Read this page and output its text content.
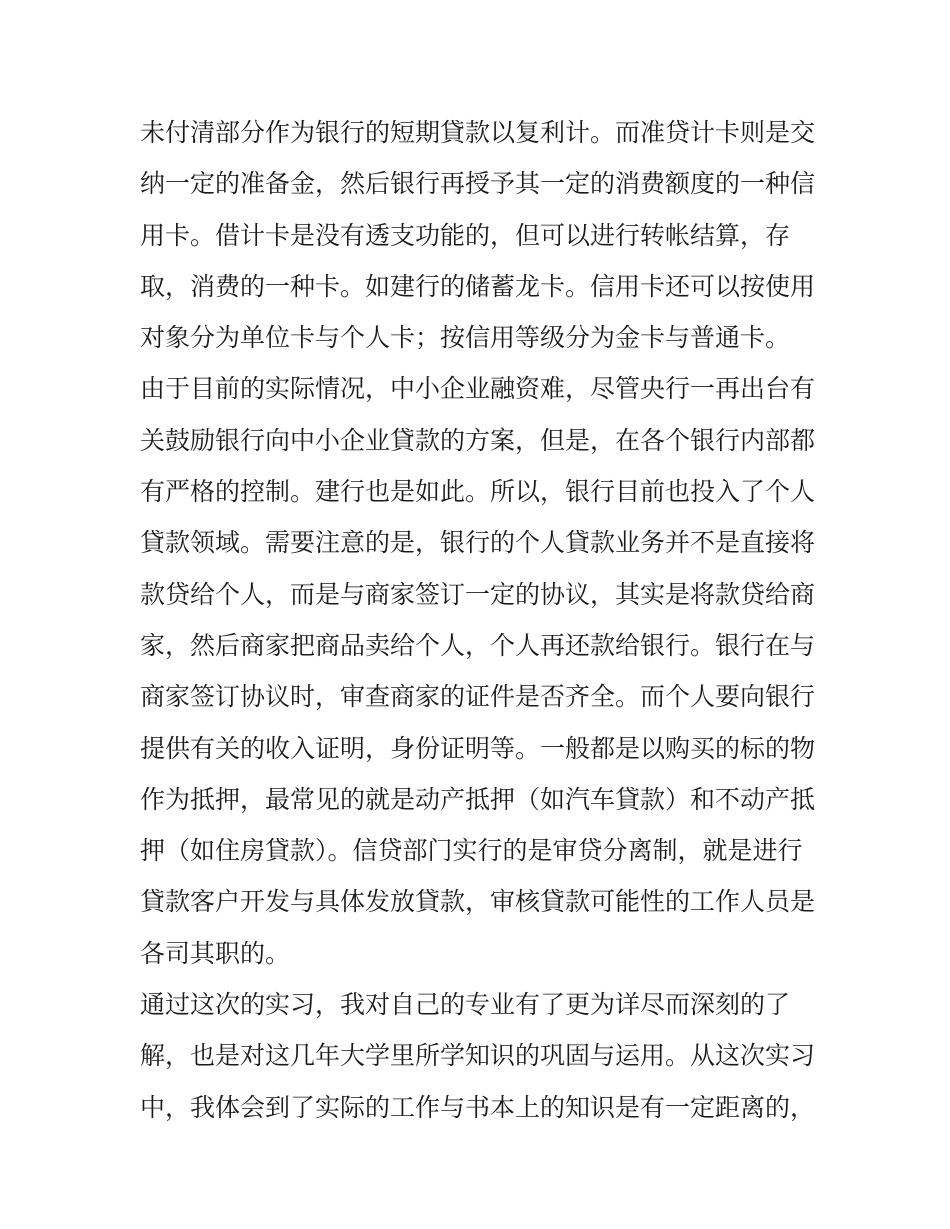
未付清部分作为银行的短期貸款以复利计。而准贷计卡则是交
纳一定的准备金，然后银行再授予其一定的消费额度的一种信
用卡。借计卡是没有透支功能的，但可以进行转帐结算，存
取，消费的一种卡。如建行的储蓄龙卡。信用卡还可以按使用
对象分为单位卡与个人卡；按信用等级分为金卡与普通卡。
由于目前的实际情况，中小企业融资难，尽管央行一再出台有
关鼓励银行向中小企业貸款的方案，但是，在各个银行内部都
有严格的控制。建行也是如此。所以，银行目前也投入了个人
貸款领域。需要注意的是，银行的个人貸款业务并不是直接将
款贷给个人，而是与商家签订一定的协议，其实是将款贷给商
家，然后商家把商品卖给个人，个人再还款给银行。银行在与
商家签订协议时，审查商家的证件是否齐全。而个人要向银行
提供有关的收入证明，身份证明等。一般都是以购买的标的物
作为抵押，最常见的就是动产抵押（如汽车貸款）和不动产抵
押（如住房貸款）。信贷部门实行的是审贷分离制，就是进行
貸款客户开发与具体发放貸款，审核貸款可能性的工作人员是
各司其职的。
通过这次的实习，我对自己的专业有了更为详尽而深刻的了
解，也是对这几年大学里所学知识的巩固与运用。从这次实习
中，我体会到了实际的工作与书本上的知识是有一定距离的，
